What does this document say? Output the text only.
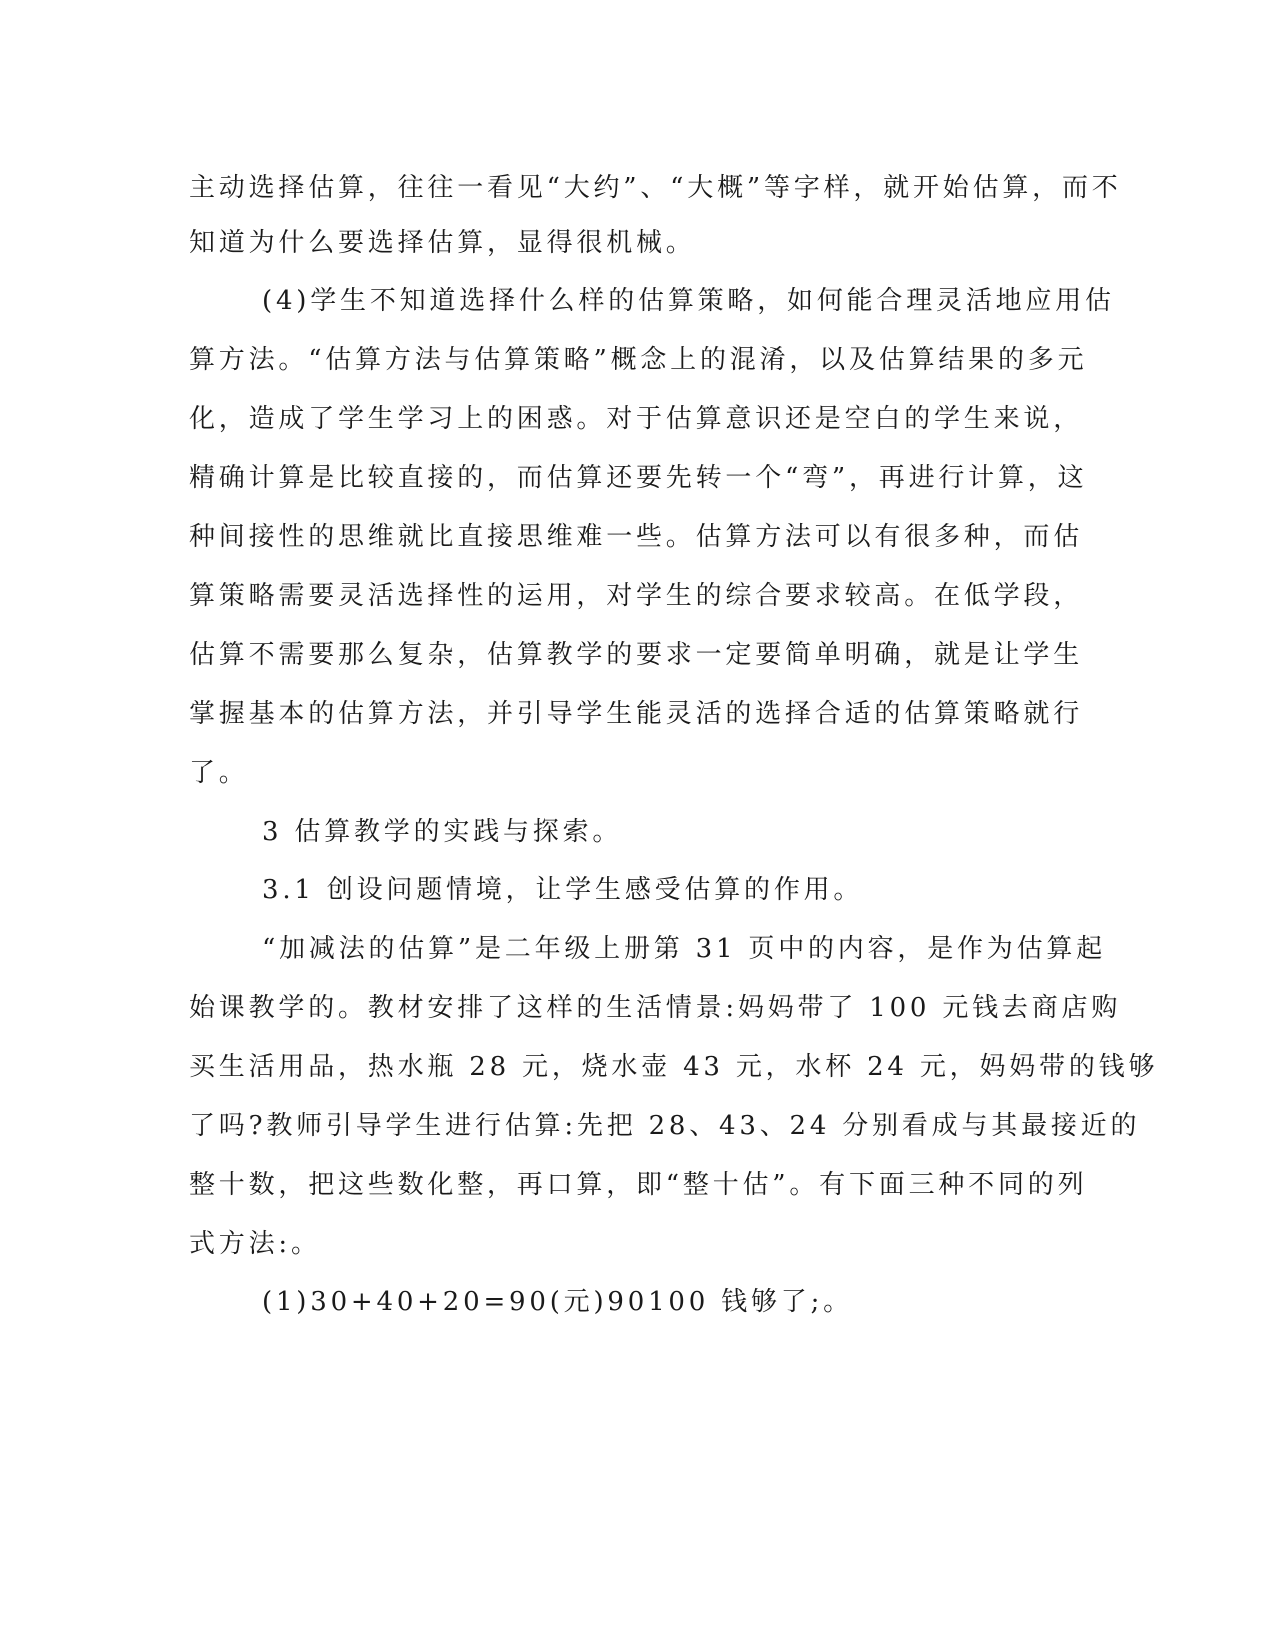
主动选择估算，往往一看见“大约”、“大概”等字样，就开始估算，而不
知道为什么要选择估算，显得很机械。
(4)学生不知道选择什么样的估算策略，如何能合理灵活地应用估
算方法。“估算方法与估算策略”概念上的混淆，以及估算结果的多元
化，造成了学生学习上的困惑。对于估算意识还是空白的学生来说，
精确计算是比较直接的，而估算还要先转一个“弯”，再进行计算，这
种间接性的思维就比直接思维难一些。估算方法可以有很多种，而估
算策略需要灵活选择性的运用，对学生的综合要求较高。在低学段，
估算不需要那么复杂，估算教学的要求一定要简单明确，就是让学生
掌握基本的估算方法，并引导学生能灵活的选择合适的估算策略就行
了。
3 估算教学的实践与探索。
3.1 创设问题情境，让学生感受估算的作用。
“加减法的估算”是二年级上册第 31 页中的内容，是作为估算起
始课教学的。教材安排了这样的生活情景:妈妈带了 100 元钱去商店购
买生活用品，热水瓶 28 元，烧水壶 43 元，水杯 24 元，妈妈带的钱够
了吗?教师引导学生进行估算:先把 28、43、24 分别看成与其最接近的
整十数，把这些数化整，再口算，即“整十估”。有下面三种不同的列
式方法:。
(1)30+40+20=90(元)90100 钱够了;。
